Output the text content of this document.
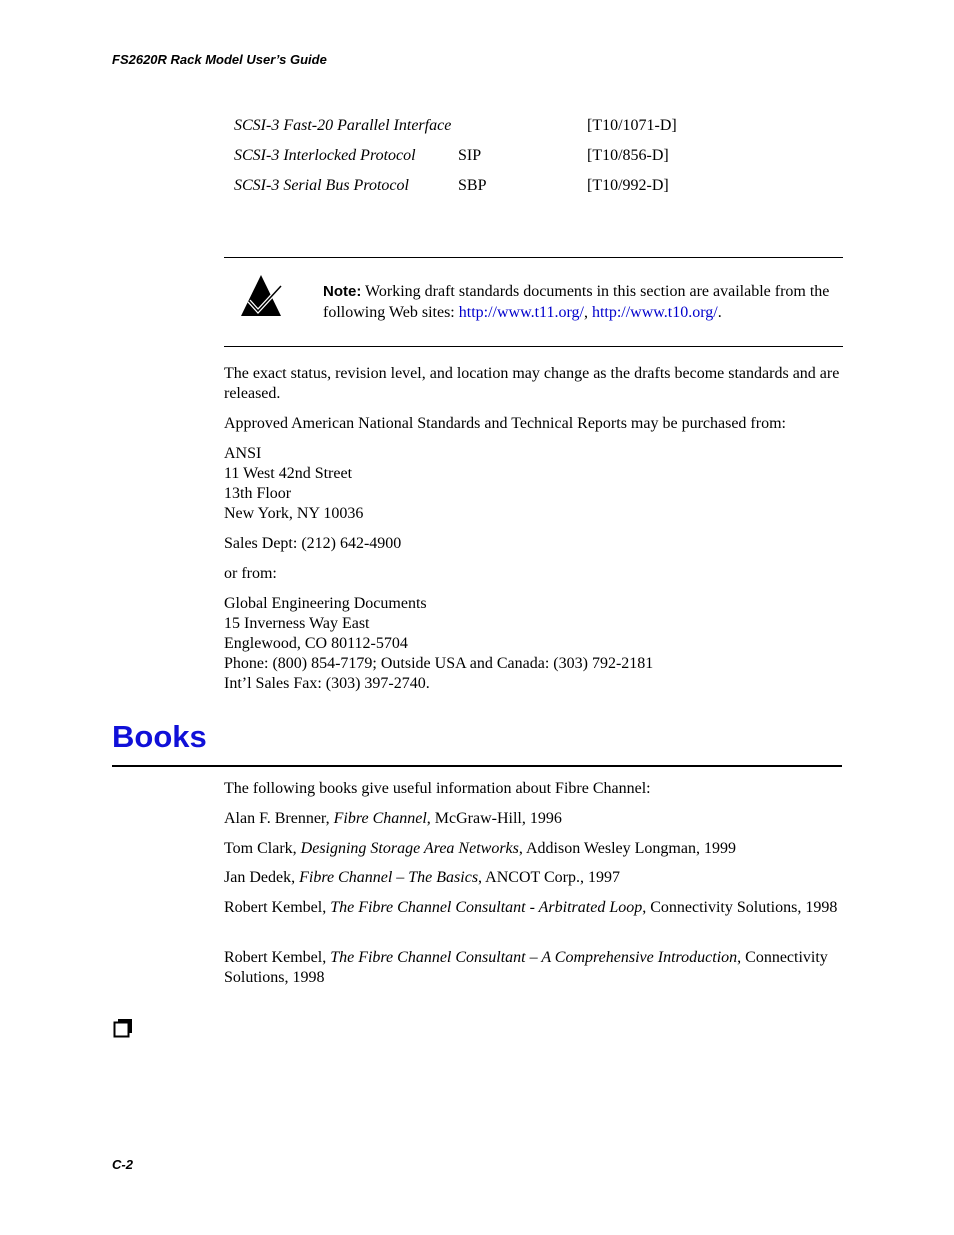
FS2620R Rack Model User’s Guide
SCSI-3 Fast-20 Parallel Interface		[T10/1071-D]
SCSI-3 Interlocked Protocol	SIP	[T10/856-D]
SCSI-3 Serial Bus Protocol	SBP	[T10/992-D]
Note: Working draft standards documents in this section are available from the following Web sites: http://www.t11.org/, http://www.t10.org/.

The exact status, revision level, and location may change as the drafts become standards and are released.

Approved American National Standards and Technical Reports may be purchased from:

ANSI

11 West 42nd Street

13th Floor

New York, NY 10036

Sales Dept: (212) 642-4900

or from:

Global Engineering Documents

15 Inverness Way East

Englewood, CO 80112-5704

Phone: (800) 854-7179; Outside USA and Canada: (303) 792-2181

Int’l Sales Fax: (303) 397-2740.

Books

The following books give useful information about Fibre Channel:

Alan F. Brenner, Fibre Channel, McGraw-Hill, 1996

Tom Clark, Designing Storage Area Networks, Addison Wesley Longman, 1999

Jan Dedek, Fibre Channel – The Basics, ANCOT Corp., 1997

Robert Kembel, The Fibre Channel Consultant - Arbitrated Loop, Connectivity Solutions, 1998

Robert Kembel, The Fibre Channel Consultant – A Comprehensive Introduction, Connectivity Solutions, 1998

C-2
